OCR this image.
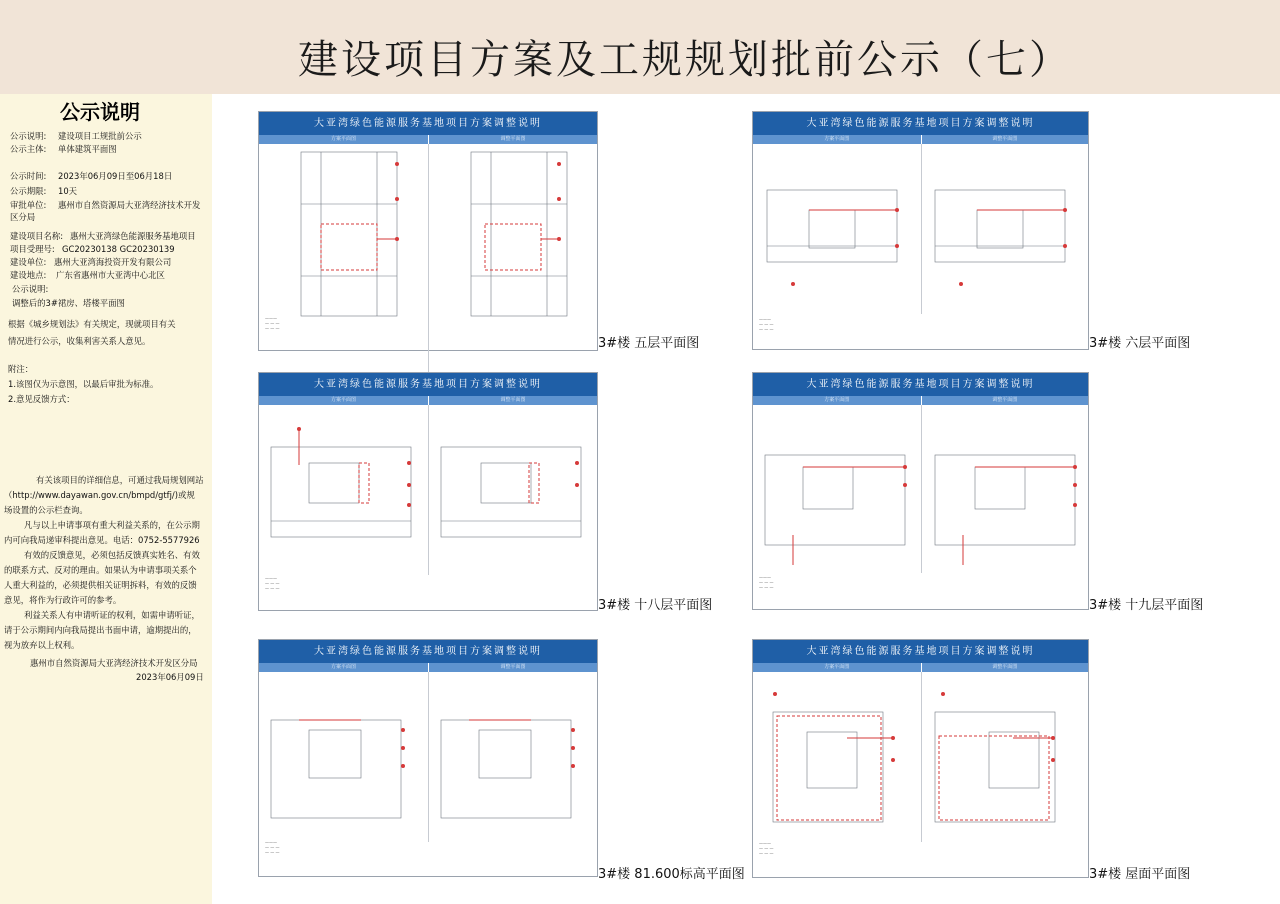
建设项目方案及工规规划批前公示（七）
公示说明
公示说明: 建设项目工规批前公示
公示主体: 单体建筑平面图
公示时间: 2023年06月09日至06月18日
公示期限: 10天
审批单位: 惠州市自然资源局大亚湾经济技术开发
区分局
建设项目名称: 惠州大亚湾绿色能源服务基地项目
项目受理号: GC20230138 GC20230139
建设单位: 惠州大亚湾海投资开发有限公司
建设地点: 广东省惠州市大亚湾中心北区
公示说明:
调整后的3#裙房、塔楼平面图
根据《城乡规划法》有关规定，现就项目有关
情况进行公示，收集利害关系人意见。
附注：
1.该图仅为示意图，以最后审批为标准。
2.意见反馈方式：
有关该项目的详细信息，可通过我局规划网站
（http://www.dayawan.gov.cn/bmpd/gtfj/)或规
场设置的公示栏查询。
凡与以上申请事项有重大利益关系的，在公示期
内可向我局递审科提出意见。电话：0752-5577926
有效的反馈意见，必须包括反馈真实姓名、有效
的联系方式、反对的理由。如果认为申请事项关系个
人重大利益的，必须提供相关证明拆料，有效的反馈
意见，将作为行政许可的参考。
利益关系人有申请听证的权利，如需申请听证，
请于公示期间内向我局提出书面申请，逾期提出的，
视为放弃以上权利。
惠州市自然资源局大亚湾经济技术开发区分局
2023年06月09日
大亚湾绿色能源服务基地项目方案调整说明
方案平面图	调整平面图
———
— — —
— — —
3#楼 五层平面图
大亚湾绿色能源服务基地项目方案调整说明
方案平面图	调整平面图
———
— — —
— — —
3#楼 六层平面图
大亚湾绿色能源服务基地项目方案调整说明
方案平面图	调整平面图
———
— — —
— — —
3#楼 十八层平面图
大亚湾绿色能源服务基地项目方案调整说明
方案平面图	调整平面图
———
— — —
— — —
3#楼 十九层平面图
大亚湾绿色能源服务基地项目方案调整说明
方案平面图	调整平面图
———
— — —
— — —
3#楼 81.600标高平面图
大亚湾绿色能源服务基地项目方案调整说明
方案平面图	调整平面图
———
— — —
— — —
3#楼 屋面平面图
